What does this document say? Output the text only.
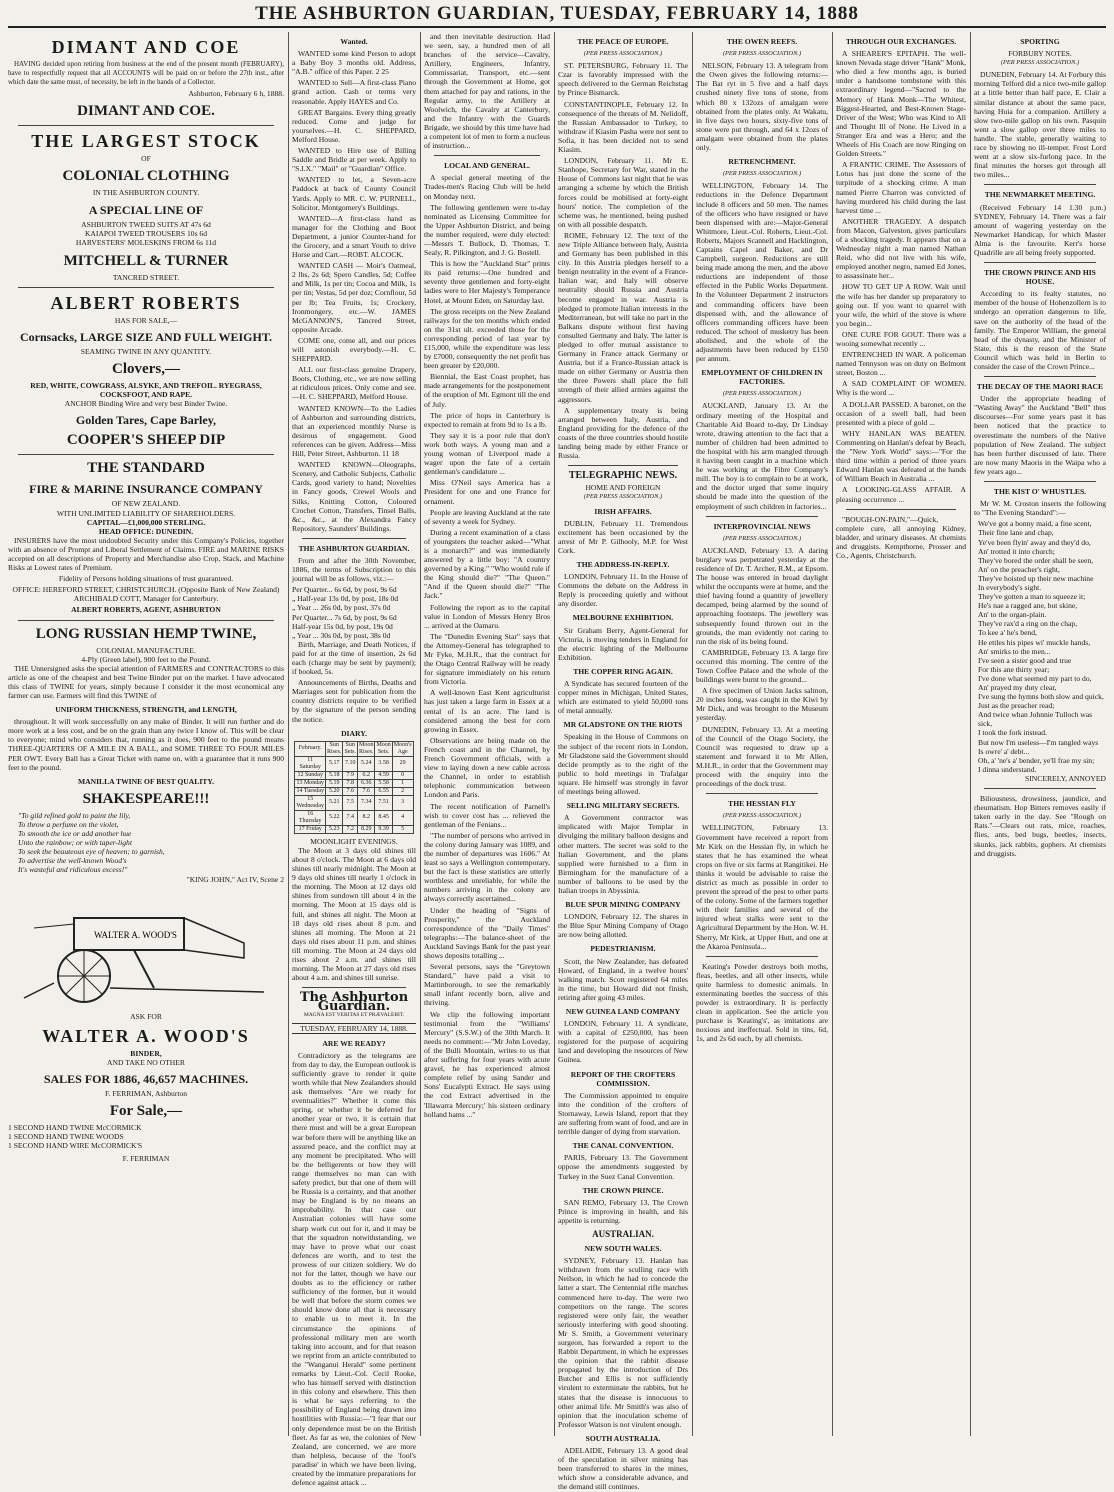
THE ASHBURTON GUARDIAN, TUESDAY, FEBRUARY 14, 1888
DIMANT AND COE

HAVING decided upon retiring from business at the end of the present month (FEBRUARY), have to respectfully request that all ACCOUNTS will be paid on or before the 27th inst., after which date the same must, of necessity, be left in the hands of a Collector.

Ashburton, February 6 h, 1888.

DIMANT AND COE.
THE LARGEST STOCK
OF
COLONIAL CLOTHING
IN THE ASHBURTON COUNTY.
A SPECIAL LINE OF
ASHBURTON TWEED SUITS AT 47s 6d
KAIAPOI TWEED TROUSERS 10s 6d
HARVESTERS' MOLESKINS FROM 6s 11d
MITCHELL & TURNER
TANCRED STREET.
ALBERT ROBERTS
HAS FOR SALE,—
Cornsacks, LARGE SIZE AND FULL WEIGHT.
SEAMING TWINE IN ANY QUANTITY.
Clovers,—
RED, WHITE, COWGRASS, ALSYKE, AND TREFOIL. RYEGRASS, COCKSFOOT, AND RAPE.
ANCHOR Binding Wire and very best Binder Twine.
Golden Tares, Cape Barley,
COOPER'S SHEEP DIP
THE STANDARD
FIRE & MARINE INSURANCE COMPANY
OF NEW ZEALAND.
WITH UNLIMITED LIABILITY OF SHAREHOLDERS.
CAPITAL—£1,000,000 STERLING.
HEAD OFFICE: DUNEDIN.

INSURERS have the most undoubted Security under this Company's Policies, together with an absence of Prompt and Liberal Settlement of Claims. FIRE and MARINE RISKS accepted on all descriptions of Property and Merchandise also Crop, Stack, and Machine Risks at Lowest rates of Premium.

Fidelity of Persons holding situations of trust guaranteed.

OFFICE: HEREFORD STREET, CHRISTCHURCH. (Opposite Bank of New Zealand) ARCHIBALD COTT, Manager for Canterbury.

ALBERT ROBERTS, AGENT, ASHBURTON
LONG RUSSIAN HEMP TWINE,
COLONIAL MANUFACTURE.
4-Ply (Green label), 900 feet to the Pound.

THE Unnersigned asks the special attention of FARMERS and CONTRACTORS to this article as one of the cheapest and best Twine Binder put on the market. I have advocated this class of TWINE for years, simply because I consider it the most economical any farmer can use. Farmers will find this TWINE of

UNIFORM THICKNESS, STRENGTH, and LENGTH,

throughout. It will work successfully on any make of Binder. It will run further and do more work at a less cost, and be on the grain than any twice I know of. This will be clear to everyone; mind who considers that, running as it does, 900 feet to the pound means THREE-QUARTERS OF A MILE IN A BALL, and SOME THREE TO FOUR MILES PER OWT. Every Ball has a Great Ticket with name on, with a guarantee that it runs 900 feet to the pound.

MANILLA TWINE OF BEST QUALITY.
SHAKESPEARE!!!
"To gild refined gold to paint the lily,
To throw a perfume on the violet,
To smooth the ice or add another hue
Unto the rainbow; or with taper-light
To seek the beauteous eye of heaven; to garnish,
To advertise the well-known Wood's
It's wasteful and ridiculous excess!"
"KING JOHN," Act IV, Scene 2
WALTER A. WOOD'S
ASK FOR
WALTER A. WOOD'S
BINDER,
AND TAKE NO OTHER
SALES FOR 1886, 46,657 MACHINES.
F. FERRIMAN, Ashburton
For Sale,—
1 SECOND HAND TWINE McCORMICK
1 SECOND HAND TWINE WOODS
1 SECOND HAND WIRE McCORMICK'S
F. FERRIMAN
Wanted.

WANTED some kind Person to adopt a Baby Boy 3 months old. Address, "A.B." office of this Paper. 2 25

WANTED to Sell—A first-class Piano grand action. Cash or terms very reasonable. Apply HAYES and Co.

GREAT Bargains. Every thing greatly reduced. Come and judge for yourselves.—H. C. SHEPPARD, Melford House.

WANTED to Hire use of Billing Saddle and Bridle at per week. Apply to "S.I.X." "Mail" or "Guardian" Office.

WANTED to let, a Seven-acre Paddock at back of County Council Yards. Apply to MR. C. W. PURNELL, Solicitor, Montgomery's Buildings.

WANTED—A first-class hand as manager for the Clothing and Boot Department, a junior Counter-hand for the Grocery, and a smart Youth to drive Horse and Cart.—ROBT. ALCOCK.

WANTED CASH — Moir's Oatmeal, 2 lbs, 2s 6d; Spero Candles, 5d; Coffee and Milk, 1s per tin; Cocoa and Milk, 1s per tin; Vestas, 5d per doz; Cornflour, 5d per lb; Tea Fruits, 1s; Crockery, Ironmongery, etc.—W. JAMES McGANNON'S, Tancred Street, opposite Arcade.

COME one, come all, and our prices will astonish everybody.—H. C. SHEPPARD.

ALL our first-class genuine Drapery, Boots, Clothing, etc., we are now selling at ridiculous prices. Only come and see.—H. C. SHEPPARD, Melford House.

WANTED KNOWN—To the Ladies of Ashburton and surrounding districts, that an experienced monthly Nurse is desirous of engagement. Good references can be given. Address—Miss Hill, Peter Street, Ashburton. 11 18

WANTED KNOWN—Oleographs, Scenery, and Catholic Subjects, Catholic Cards, good variety to hand; Novelties in Fancy goods, Crewel Wools and Silks, Knitting Cotton, Coloured Crochet Cotton, Transfers, Tinsel Balls, &c., &c., at the Alexandra Fancy Repository, Saunders' Buildings.

THE ASHBURTON GUARDIAN.

From and after the 30th November, 1886, the terms of Subscription to this journal will be as follows, viz.:—

Per Quarter... 6s 6d, by post, 9s 6d
„ Half-year 13s 0d, by post, 18s 0d
„ Year ... 26s 0d, by post, 37s 0d
Per Quarter... 7s 6d, by post, 9s 6d
Half-year 15s 0d, by post, 19s 0d
„ Year ... 30s 0d, by post, 38s 0d

Birth, Marriage, and Death Notices, if paid for at the time of insertion, 2s 6d each (charge may be sent by payment); if booked, 5s.

Announcements of Births, Deaths and Marriages sent for publication from the country districts require to be verified by the signature of the person sending the notice.

DIARY.
February.	Sun Rises.	Sun Sets.	Moon Rises.	Moon Sets.	Moon's Age
11 Saturday	5.17	7.10	5.24	3.58	29
12 Sunday	5.18	7.9	6.2	4.59	0
13 Monday	5.19	7.8	6.36	5.58	1
14 Tuesday	5.20	7.6	7.6	6.55	2
15 Wednesday	5.21	7.5	7.34	7.51	3
16 Thursday	5.22	7.4	8.2	8.45	4
17 Friday	5.23	7.2	8.29	9.39	5
MOONLIGHT EVENINGS.

The Moon at 3 days old shines till about 8 o'clock. The Moon at 6 days old shines till nearly midnight. The Moon at 9 days old shines till nearly 1 o'clock in the morning. The Moon at 12 days old shines from sundown till about 4 in the morning. The Moon at 15 days old is full, and shines all night. The Moon at 18 days old rises about 8 p.m. and shines all morning. The Moon at 21 days old rises about 11 p.m. and shines till morning. The Moon at 24 days old rises about 2 a.m. and shines till morning. The Moon at 27 days old rises about 4 a.m. and shines till sunrise.

The Ashburton Guardian.
MAGNA EST VERITAS ET PRÆVALEBIT.
TUESDAY, FEBRUARY 14, 1888.
ARE WE READY?

Contradictory as the telegrams are from day to day, the European outlook is sufficiently grave to render it quite worth while that New Zealanders should ask themselves "Are we ready for eventualities?" Whether it come this spring, or whether it be deferred for another year or two, it is certain that there must and will be a great European war before there will be anything like an assured peace, and the conflict may at any moment be precipitated. Who will be the belligerents or how they will range themselves no man can with safety predict, but that one of them will be Russia is a certainty, and that another may be England is by no means an improbability. In that case our Australian colonies will have some sharp work cut out for it, and it may be that the squadron notwithstanding, we may have to prove what our coast defences are worth, and to test the prowess of our citizen soldiery. We do not for the latter, though we have our doubts as to the efficiency or rather sufficiency of the former, but it would be well that before the storm comes we should know done all that is necessary to enable us to meet it. In the circumstance the opinions of professional military men are worth taking into account, and for that reason we reprint from an article contributed to the "Wanganui Herald" some pertinent remarks by Lieut.-Col. Cecil Rooke, who has himself served with distinction in this colony and elsewhere. This then is what he says referring to the possibility of England being drawn into hostilities with Russia:—"I fear that our only dependence must be on the British fleet. As far as we, the colonies of New Zealand, are concerned, we are more than helpless, because of the 'fool's paradise' in which we have been living, created by the immature preparations for defence against attack ...

and then inevitable destruction. Had we seen, say, a hundred men of all branches of the service—Cavalry, Artillery, Engineers, Infantry, Commissariat, Transport, etc.—sent through the Government at Home, got them attached for pay and rations, in the Regular army, to the Artillery at Woolwich, the Cavalry at Canterbury, and the Infantry with the Guards Brigade, we should by this time have had a competent lot of men to form a nucleus of instruction...

LOCAL AND GENERAL.

A special general meeting of the Trades-men's Racing Club will be held on Monday next.

The following gentlemen were to-day nominated as Licensing Committee for the Upper Ashburton District, and being the number required, were duly elected:—Messrs T. Bullock, D. Thomas, T. Sealy, R. Pilkington, and J. G. Bostell.

This is how the "Auckland Star" prints its paid returns:—One hundred and seventy three gentlemen and forty-eight ladies were to Her Majesty's Temperance Hotel, at Mount Eden, on Saturday last.

The gross receipts on the New Zealand railways for the ten months which ended on the 31st ult. exceeded those for the corresponding period of last year by £15,000, while the expenditure was less by £7000, consequently the net profit has been greater by £20,000.

Biennial, the East Coast prophet, has made arrangements for the postponement of the eruption of Mt. Egmont till the end of July.

The price of hops in Canterbury is expected to remain at from 9d to 1s a lb.

They say it is a poor rule that don't work both ways. A young man and a young woman of Liverpool made a wager upon the fate of a certain gentleman's candidature ...

Miss O'Neil says America has a President for one and one France for ornament.

People are leaving Auckland at the rate of seventy a week for Sydney.

During a recent examination of a class of youngsters the teacher asked—"What is a monarch?" and was immediately answered by a little boy: "A country governed by a King." "Who would rule if the King should die?" "The Queen." "And if the Queen should die?" "The Jack."

Following the report as to the capital value in London of Messrs Henry Bros ... arrived at the Oamaru.

The "Dunedin Evening Star" says that the Attorney-General has telegraphed to Mr Fyke, M.H.R., that the contract for the Otago Central Railway will be ready for signature immediately on his return from Victoria.

A well-known East Kent agriculturist has just taken a large farm in Essex at a rental of 1s an acre. The land is considered among the best for corn growing in Essex.

Observations are being made on the French coast and in the Channel, by French Government officials, with a view to laying down a new cable across the Channel, in order to establish telephonic communication between London and Paris.

The recent notification of Parnell's wish to cover cost has ... relieved the gentleman of the Fenians...

"The number of persons who arrived in the colony during January was 1089, and the number of departures was 1606." At least so says a Wellington contemporary, but the fact is these statistics are utterly worthless and unreliable, for while the numbers arriving in the colony are always correctly ascertained...

Under the heading of "Signs of Prosperity," the Auckland correspondence of the "Daily Times" telegraphs:—The balance-sheet of the Auckland Savings Bank for the past year shows deposits totalling ...

Several persons, says the "Greytown Standard," have paid a visit to Martinborough, to see the remarkably small infant recently born, alive and thriving.

We clip the following important testimonial from the "Williams' Mercury" (S.S.W.) of the 30th March. It needs no comment:—"Mr John Loveday, of the Bulli Mountain, writes to us that after suffering for four years with acute gravel, he has experienced almost complete relief by using Sander and Sons' Eucalypti Extract. He says using the cod Extract advertised in the 'Illawarra Mercury;' his sixteen ordinary holland hams ..."

THE PEACE OF EUROPE.
(PER PRESS ASSOCIATION.)

ST. PETERSBURG, February 11. The Czar is favorably impressed with the speech delivered to the German Reichstag by Prince Bismarck.

CONSTANTINOPLE, February 12. In consequence of the threats of M. Nelidoff, the Russian Ambassador to Turkey, to withdraw if Kiasim Pasha were not sent to Sofia, it has been decided not to send Kiasim.

LONDON, February 11. Mr E. Stanhope, Secretary for War, stated in the House of Commons last night that he was arranging a scheme by which the British forces could be mobilised at forty-eight hours' notice. The completion of the scheme was, he mentioned, being pushed on with all possible despatch.

ROME, February 12. The text of the new Triple Alliance between Italy, Austria and Germany has been published in this city. In this Austria pledges herself to a benign neutrality in the event of a France-Italian war, and Italy will observe neutrality should Russia and Austria become engaged in war. Austria is pledged to promote Italian interests in the Mediterranean, but will take no part in the Balkans dispute without first having consulted Germany and Italy. The latter is pledged to offer mutual assistance to Germany in France attack Germany or Austria, but if a France-Russian attack is made on either Germany or Austria then the three Powers shall place the full strength of their allied armies against the aggressors.

A supplementary treaty is being arranged between Italy, Austria, and England providing for the defence of the coasts of the three countries should hostile landing being made by either France or Russia.

TELEGRAPHIC NEWS.
HOME AND FOREIGN
(PER PRESS ASSOCIATION.)
IRISH AFFAIRS.

DUBLIN, February 11. Tremendous excitement has been occasioned by the arrest of Mr P. Gilhooly, M.P. for West Cork.

THE ADDRESS-IN-REPLY.

LONDON, February 11. In the House of Commons the debate on the Address in Reply is proceeding quietly and without any disorder.

MELBOURNE EXHIBITION.

Sir Graham Berry, Agent-General for Victoria, is moving tenders in England for the electric lighting of the Melbourne Exhibition.

THE COPPER RING AGAIN.

A Syndicate has secured fourteen of the copper mines in Michigan, United States, which are estimated to yield 50,000 tons of metal annually.

MR GLADSTONE ON THE RIOTS

Speaking in the House of Commons on the subject of the recent riots in London, Mr Gladstone said the Government should decide promptly as to the right of the public to hold meetings in Trafalgar square. He himself was strongly in favor of meetings being allowed.

SELLING MILITARY SECRETS.

A Government contractor was implicated with Major Templar in divulging the military balloon designs and other matters. The secret was sold to the Italian Government, and the plans supplied were furnished to a firm in Birmingham for the manufacture of a number of balloons to be used by the Italian troops in Abyssinia.

BLUE SPUR MINING COMPANY

LONDON, February 12. The shares in the Blue Spur Mining Company of Otago are now being allotted.

PEDESTRIANISM.

Scott, the New Zealander, has defeated Howard, of England, in a twelve hours' walking match. Scott registered 64 miles in the time, but Howard did not finish, retiring after going 43 miles.

NEW GUINEA LAND COMPANY

LONDON, February 11. A syndicate, with a capital of £250,000, has been registered for the purpose of acquiring land and developing the resources of New Guinea.

REPORT OF THE CROFTERS COMMISSION.

The Commission appointed to enquire into the condition of the crofters of Stornaway, Lewis Island, report that they are suffering from want of food, and are in terrible danger of dying from starvation.

THE CANAL CONVENTION.

PARIS, February 13. The Government oppose the amendments suggested by Turkey in the Suez Canal Convention.

THE CROWN PRINCE.

SAN REMO, February 13. The Crown Prince is improving in health, and his appetite is returning.

AUSTRALIAN.
NEW SOUTH WALES.

SYDNEY, February 13. Hanlan has withdrawn from the sculling race with Neilson, in which he had to concede the latter a start. The Centennial rifle matches commenced here to-day. The were two competitors on the range. The scores registered were only fair, the weather seriously interfering with good shooting. Mr S. Smith, a Government veterinary surgeon, has forwarded a report to the Rabbit Department, in which he expresses the opinion that the rabbit disease propagated by the introduction of Drs Butcher and Ellis is not sufficiently virulent to exterminate the rabbits, but he states that the disease is innocuous to other animal life. Mr Smith's was also of opinion that the inoculation scheme of Professor Watson is not virulent enough.

SOUTH AUSTRALIA.

ADELAIDE, February 13. A good deal of the speculation in silver mining has been transferred to shares in the mines, which show a considerable advance, and the demand still continues.

THE OWEN REEFS.
(PER PRESS ASSOCIATION.)

NELSON, February 13. A telegram from the Owen gives the following returns:—The Bat ryt in 5 five and a half days crushed ninety five tons of stone, from which 80 x 132ozs of amalgam were obtained from the plates only. At Wakatu, in five days two hours, sixty-five tons of stone were put through, and 64 x 12ozs of amalgam were obtained from the plates only.

RETRENCHMENT.
(PER PRESS ASSOCIATION.)

WELLINGTON, February 14. The reductions in the Defence Department include 8 officers and 50 men. The names of the officers who have resigned or have been dispensed with are:—Major-General Whitmore, Lieut.-Col. Roberts, Lieut.-Col. Roberts, Majors Scannell and Hacklington, Captains Capel and Baker, and Dr Campbell, surgeon. Reductions are still being made among the men, and the above reductions are independent of those effected in the Public Works Department. In the Volunteer Department 2 instructors and commanding officers have been dispensed with, and the allowance of officers commanding officers have been reduced. The school of musketry has been abolished, and the whole of the adjustments have been reduced by £150 per annum.

EMPLOYMENT OF CHILDREN IN FACTORIES.
(PER PRESS ASSOCIATION.)

AUCKLAND, January 13. At the ordinary meeting of the Hospital and Charitable Aid Board to-day, Dr Lindsay wrote, drawing attention to the fact that a number of children had been admitted to the hospital with his arm mangled through it having been caught in a machine which he was working at the Fibre Company's mill. The boy is to complain to be at work, and the doctor urged that some inquiry should be made into the question of the employment of such children in factories...

INTERPROVINCIAL NEWS
(PER PRESS ASSOCIATION.)

AUCKLAND, February 13. A daring burglary was perpetrated yesterday at the residence of Dr. T. Archer, R.M., at Epsom. The house was entered in broad daylight whilst the occupants were at home, and the thief having found a quantity of jewellery decamped, being alarmed by the sound of approaching footsteps. The jewellery was subsequently found thrown out in the grounds, the man evidently not caring to run the risk of its being found.

CAMBRIDGE, February 13. A large fire occurred this morning. The centre of the Town Coffee Palace and the whole of the buildings were burnt to the ground...

A five specimen of Union Jacks salmon, 20 inches long, was caught in the Kiwi by Mr Dick, and was brought to the Museum yesterday.

DUNEDIN, February 13. At a meeting of the Council of the Otago Society, the Council was requested to draw up a statement and forward it to Mr Allen, M.H.R., in order that the Government may proceed with the enquiry into the proceedings of the dock trust.

THE HESSIAN FLY
(PER PRESS ASSOCIATION.)

WELLINGTON, February 13. Government have received a report from Mr Kirk on the Hessian fly, in which he states that he has examined the wheat crops on five or six farms at Rangitikei. He thinks it would be advisable to raise the district as much as possible in order to prevent the spread of the pest to other parts of the colony. Some of the farmers together with their families and several of the injured wheat stalks were sent to the Agricultural Department by the Hon. W. H. Sherry, Mr Kirk, at Upper Hutt, and one at the Akaroa Peninsula...

Keating's Powder destroys both moths, fleas, beetles, and all other insects, while quite harmless to domestic animals. In exterminating beetles the success of this powder is extraordinary. It is perfectly clean in application. See the article you purchase is 'Keating's', as imitations are noxious and ineffectual. Sold in tins, 6d, 1s, and 2s 6d each, by all chemists.

THROUGH OUR EXCHANGES.

A SHEARER'S EPITAPH. The well-known Nevada stage driver "Hank" Monk, who died a few months ago, is buried under a handsome tombstone with this extraordinary legend—"Sacred to the Memory of Hank Monk—The Whitest, Biggest-Hearted, and Best-Known Stage-Driver of the West; Who was Kind to All and Thought Ill of None. He Lived in a Stranger Era and was a Hero; and the Wheels of His Coach are now Ringing on Golden Streets."

A FRANTIC CRIME. The Assessors of Lotus has just done the scene of the turpitude of a shocking crime. A man named Pierre Charron was convicted of having murdered his child during the last harvest time ...

ANOTHER TRAGEDY. A despatch from Macon, Galveston, gives particulars of a shocking tragedy. It appears that on a Wednesday night a man named Nathan Reid, who did not live with his wife, employed another negro, named Ed Jones, to assassinate her...

HOW TO GET UP A ROW. Walt until the wife has her dander up preparatory to going out. If you want to quarrel with your wife, the whirl of the stove is where you begin...

ONE CURE FOR GOUT. There was a wooing somewhat recently ...

ENTRENCHED IN WAR. A policeman named Tennyson was on duty on Belmont street, Boston ...

A SAD COMPLAINT OF WOMEN. Why is the word ...

A DOLLAR PASSED. A baronet, on the occasion of a swell ball, had been presented with a piece of gold ...

WHY HANLAN WAS BEATEN. Commenting on Hanlan's defeat by Beach, the "New York World" says:—"For the third time within a period of three years Edward Hanlan was defeated at the hands of William Beach in Australia ...

A LOOKING-GLASS AFFAIR. A pleasing occurrence ...

"BOUGH-ON-PAIN,"—Quick, complete cure, all annoying Kidney, bladder, and urinary diseases. At chemists and druggists. Kempthorne, Prosser and Co., Agents, Christchurch.

SPORTING
FORBURY NOTES.
(PER PRESS ASSOCIATION.)

DUNEDIN, February 14. At Forbury this morning Telford did a nice two-mile gallop at a little better than half pace, E. Clair a similar distance at about the same pace, having Huia for a companion. Artillery a slow two-mile gallop on his own. Pasquin went a slow gallop over three miles to handle. The stable, generally waiting to race by showing no ill-temper. Frost Lord went at a slow six-furlong pace. In the final minutes the horses got through all two miles...

THE NEWMARKET MEETING.

(Received February 14 1.30 p.m.) SYDNEY, February 14. There was a fair amount of wagering yesterday on the Newmarket Handicap, for which Master Alma is the favourite. Kerr's horse Quadrille are all being freely supported.

THE CROWN PRINCE AND HIS HOUSE.

According to its fealty statutes, no member of the house of Hohenzollern is to undergo an operation dangerous to life, save on the authority of the head of the family. The Emperor William, the general head of the dynasty, and the Minister of State, this is the reason of the State Council which was held in Berlin to consider the case of the Crown Prince...

THE DECAY OF THE MAORI RACE

Under the appropriate heading of "Wasting Away" the Auckland "Bell" thus discourses—For some years past it has been noticed that the practice to overestimate the numbers of the Native population of New Zealand. The subject has been further discussed of late. There are now many Maoris in the Waipa who a few years ago...

THE KIST O' WHUSTLES.

Mr W. M. Croston inserts the following to "The Evening Standard":—

We've got a bonny maid, a fine scent,
Their fine lane and chap,
Ye've been flyin' away and they'd do,
An' trotted it into church;
They've bored the order shall be seen,
An' on the preacher's right,
They've hoisted up their new machine
In everybody's sight.
They've gotten a man to squeeze it;
He's nae a ragged ane, but skine,
An' to the organ-plain.
They've rax'd a ring on the chap,
To kee a' he's bend,
He ettles his pipes wi' muckle hands,
An' smirks to the men...
I've seen a sister good and true
For this ane thirty year;
I've done what seemed my part to do,
An' prayed my duty clear,
I've sung the hymns both slow and quick,
Just as the preacher read;
And twice whan Johnnie Tulloch was sick,
I took the fork instead.
But now I'm useless—I'm tangled ways
Is owre' a' debt...
Oh, a' 'ne's a' bender, ye'll frae my sin;
I dinna understand.
SINCERELY, ANNOYED

Biliousness, drowsiness, jaundice, and rheumatism. Hop Bitters removes easily if taken early in the day. See "Rough on Rats."—Clears out rats, mice, roaches, flies, ants, bed bugs, beetles, insects, skunks, jack rabbits, gophers. At chemists and druggists.
